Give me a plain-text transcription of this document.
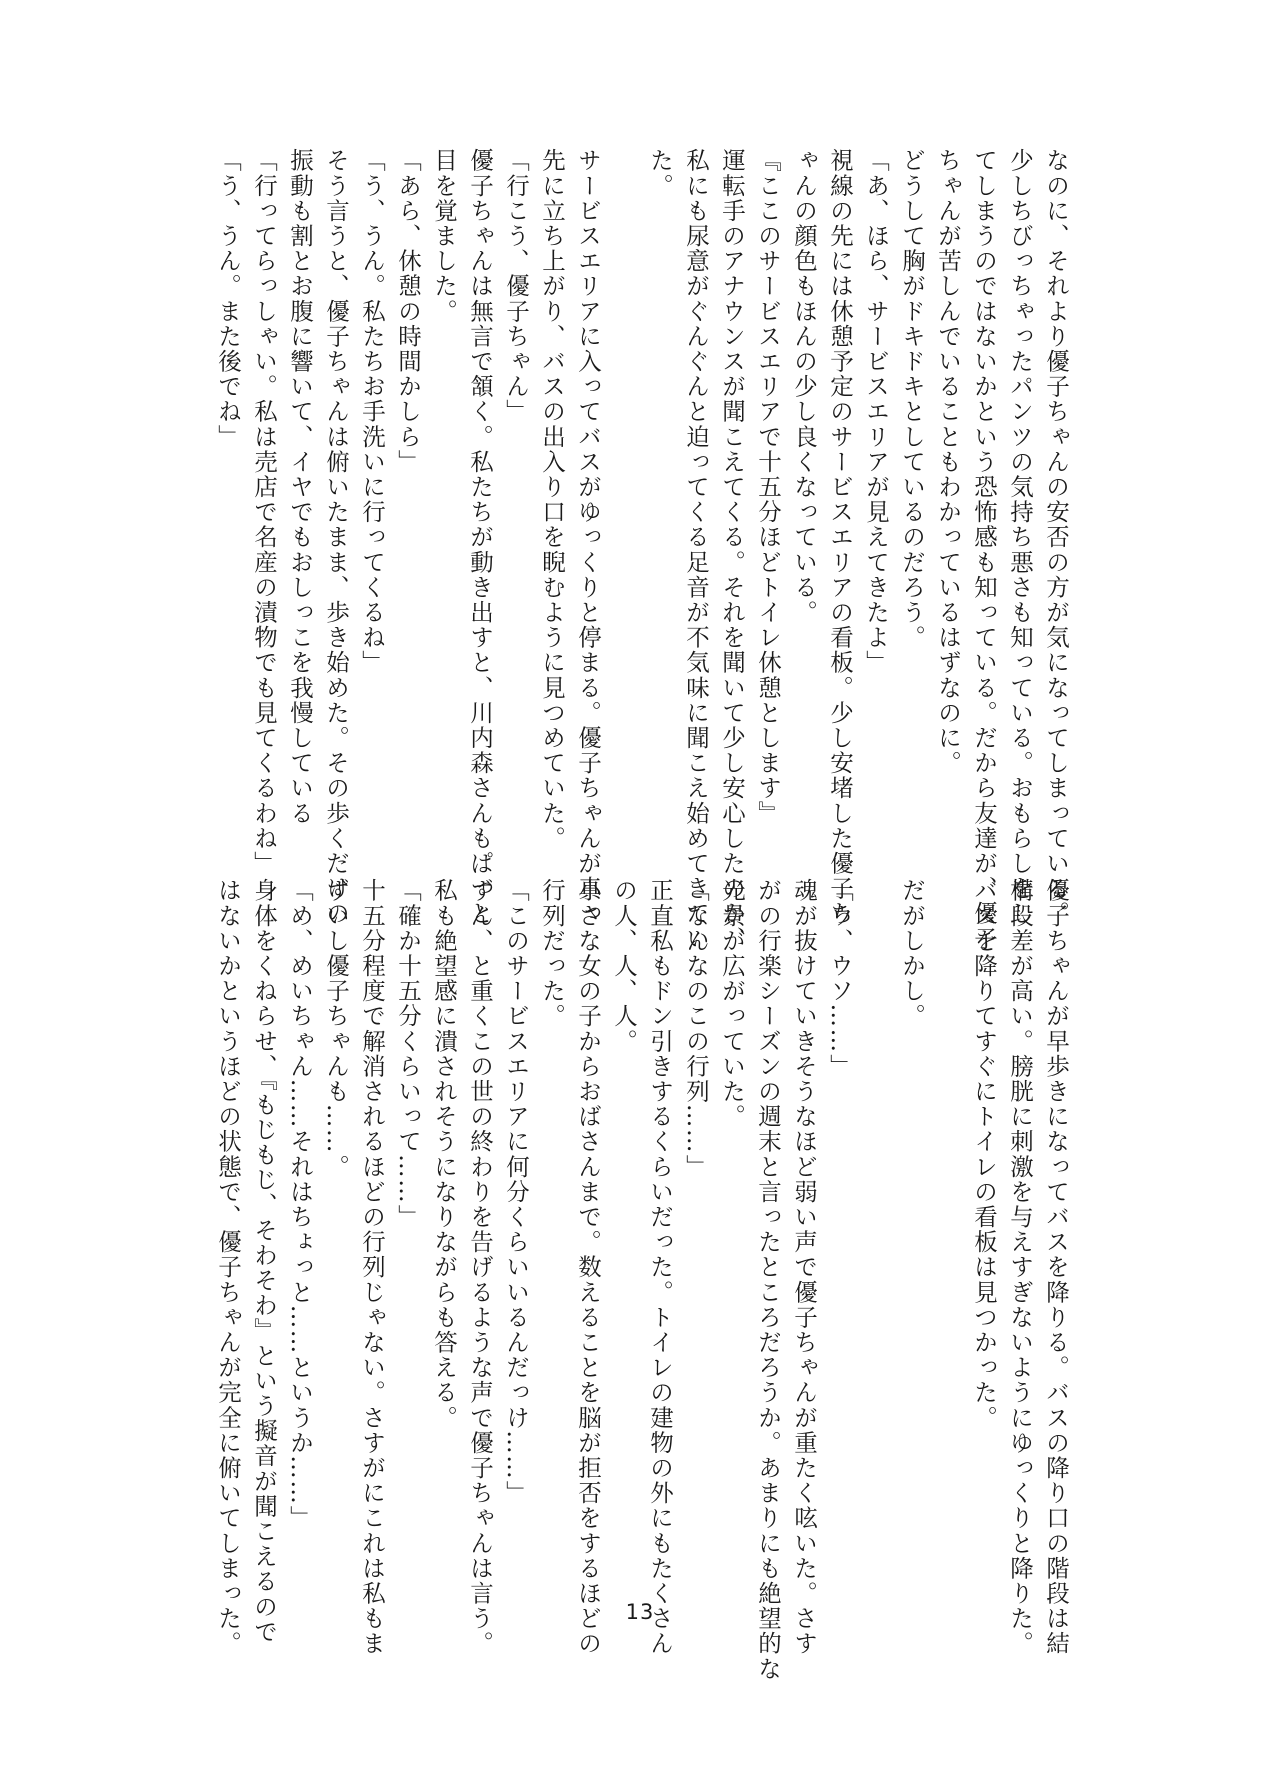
なのに、それより優子ちゃんの安否の方が気になってしまっている。

少しちびっちゃったパンツの気持ち悪さも知っている。おもらしをし

てしまうのではないかという恐怖感も知っている。だから友達が、優子

ちゃんが苦しんでいることもわかっているはずなのに。

どうして胸がドキドキとしているのだろう。

「あ、ほら、サービスエリアが見えてきたよ」

視線の先には休憩予定のサービスエリアの看板。少し安堵した優子ち

ゃんの顔色もほんの少し良くなっている。

『ここのサービスエリアで十五分ほどトイレ休憩とします』

運転手のアナウンスが聞こえてくる。それを聞いて少し安心したのか、

私にも尿意がぐんぐんと迫ってくる足音が不気味に聞こえ始めてきてい

た。

サービスエリアに入ってバスがゆっくりと停まる。優子ちゃんが真っ

先に立ち上がり、バスの出入り口を睨むように見つめていた。

「行こう、優子ちゃん」

優子ちゃんは無言で頷く。私たちが動き出すと、川内森さんもぱっと

目を覚ました。

「あら、休憩の時間かしら」

「う、うん。私たちお手洗いに行ってくるね」

そう言うと、優子ちゃんは俯いたまま、歩き始めた。その歩くだけの

振動も割とお腹に響いて、イヤでもおしっこを我慢している

「行ってらっしゃい。私は売店で名産の漬物でも見てくるわね」

「う、うん。また後でね」

優子ちゃんが早歩きになってバスを降りる。バスの降り口の階段は結

構段差が高い。膀胱に刺激を与えすぎないようにゆっくりと降りた。

バスを降りてすぐにトイレの看板は見つかった。

だがしかし。

「ウ、ウソ……」

魂が抜けていきそうなほど弱い声で優子ちゃんが重たく呟いた。さす

がの行楽シーズンの週末と言ったところだろうか。あまりにも絶望的な

光景が広がっていた。

「なんなのこの行列……」

正直私もドン引きするくらいだった。トイレの建物の外にもたくさん

の人、人、人。

小さな女の子からおばさんまで。数えることを脳が拒否をするほどの

行列だった。

「このサービスエリアに何分くらいいるんだっけ……」

ずん、と重くこの世の終わりを告げるような声で優子ちゃんは言う。

私も絶望感に潰されそうになりながらも答える。

「確か十五分くらいって……」

十五分程度で解消されるほどの行列じゃない。さすがにこれは私もま

ずいし優子ちゃんも……。

「め、めいちゃん……それはちょっと……というか……」

身体をくねらせ、『もじもじ、そわそわ』という擬音が聞こえるので

はないかというほどの状態で、優子ちゃんが完全に俯いてしまった。	13
